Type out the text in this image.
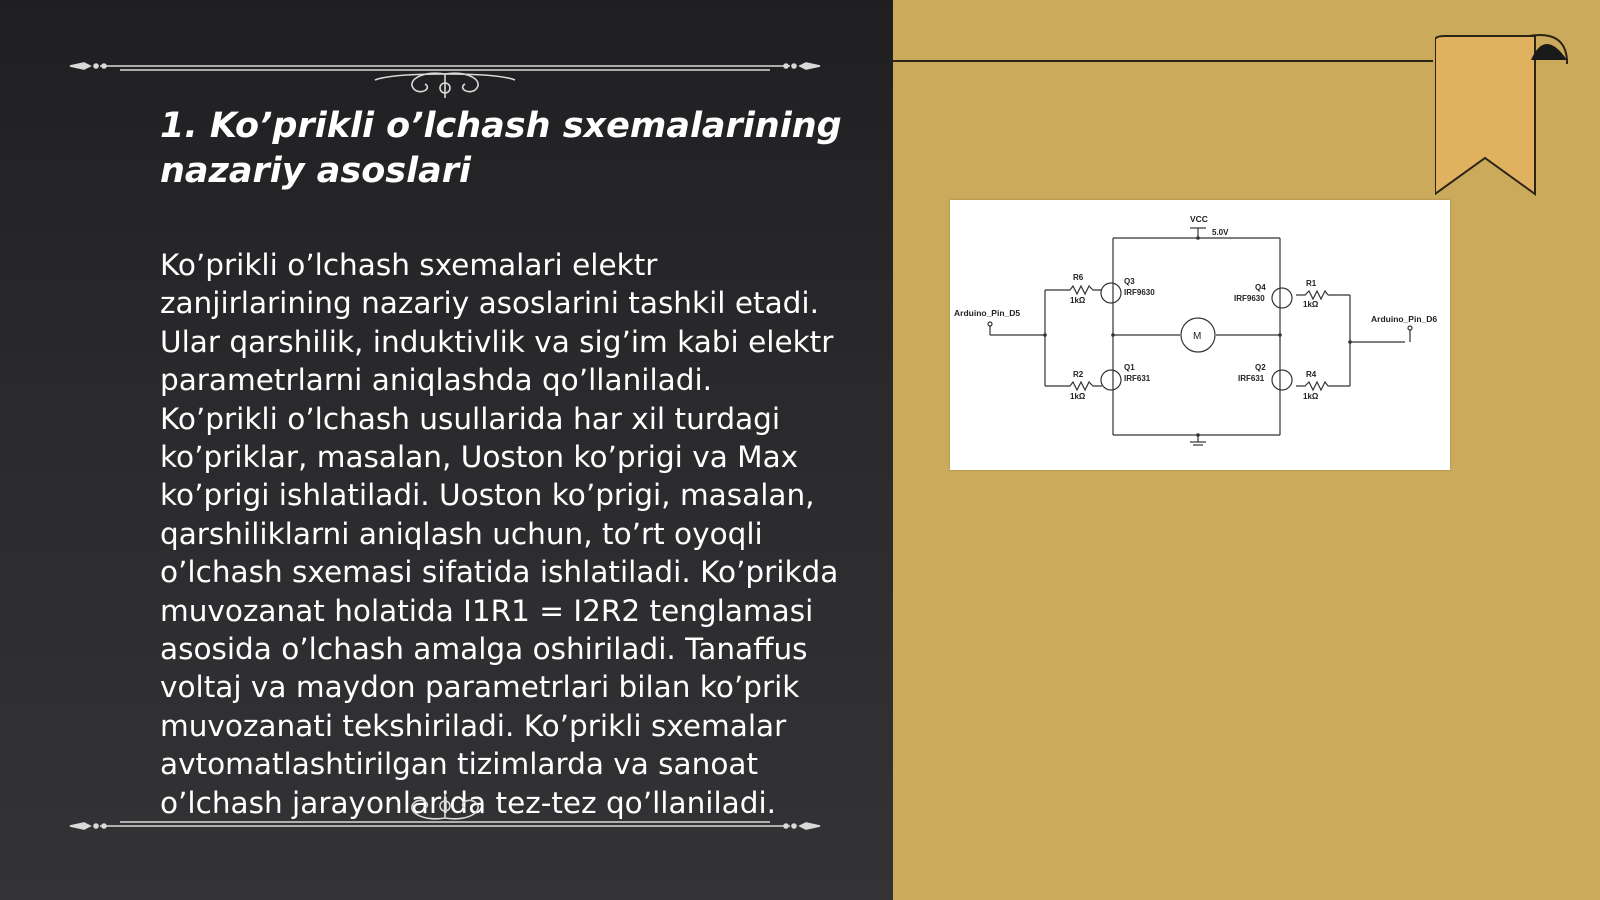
1. Ko’prikli o’lchash sxemalarining nazariy asoslari

Ko’prikli o’lchash sxemalari elektr
zanjirlarining nazariy asoslarini tashkil etadi.
Ular qarshilik, induktivlik va sig’im kabi elektr
parametrlarni aniqlashda qo’llaniladi.
Ko’prikli o’lchash usullarida har xil turdagi
ko’priklar, masalan, Uoston ko’prigi va Max
ko’prigi ishlatiladi. Uoston ko’prigi, masalan,
qarshiliklarni aniqlash uchun, to’rt oyoqli
o’lchash sxemasi sifatida ishlatiladi. Ko’prikda
muvozanat holatida I1R1 = I2R2 tenglamasi
asosida o’lchash amalga oshiriladi. Tanaffus
voltaj va maydon parametrlari bilan ko’prik
muvozanati tekshiriladi. Ko’prikli sxemalar
avtomatlashtirilgan tizimlarda va sanoat
o’lchash jarayonlarida tez-tez qo’llaniladi.

VCC
5.0V
Arduino_Pin_D5
Arduino_Pin_D6
M
R6
1kΩ
R2
1kΩ
R1
1kΩ
R4
1kΩ
Q3
IRF9630
Q1
IRF631
Q4
IRF9630
Q2
IRF631
